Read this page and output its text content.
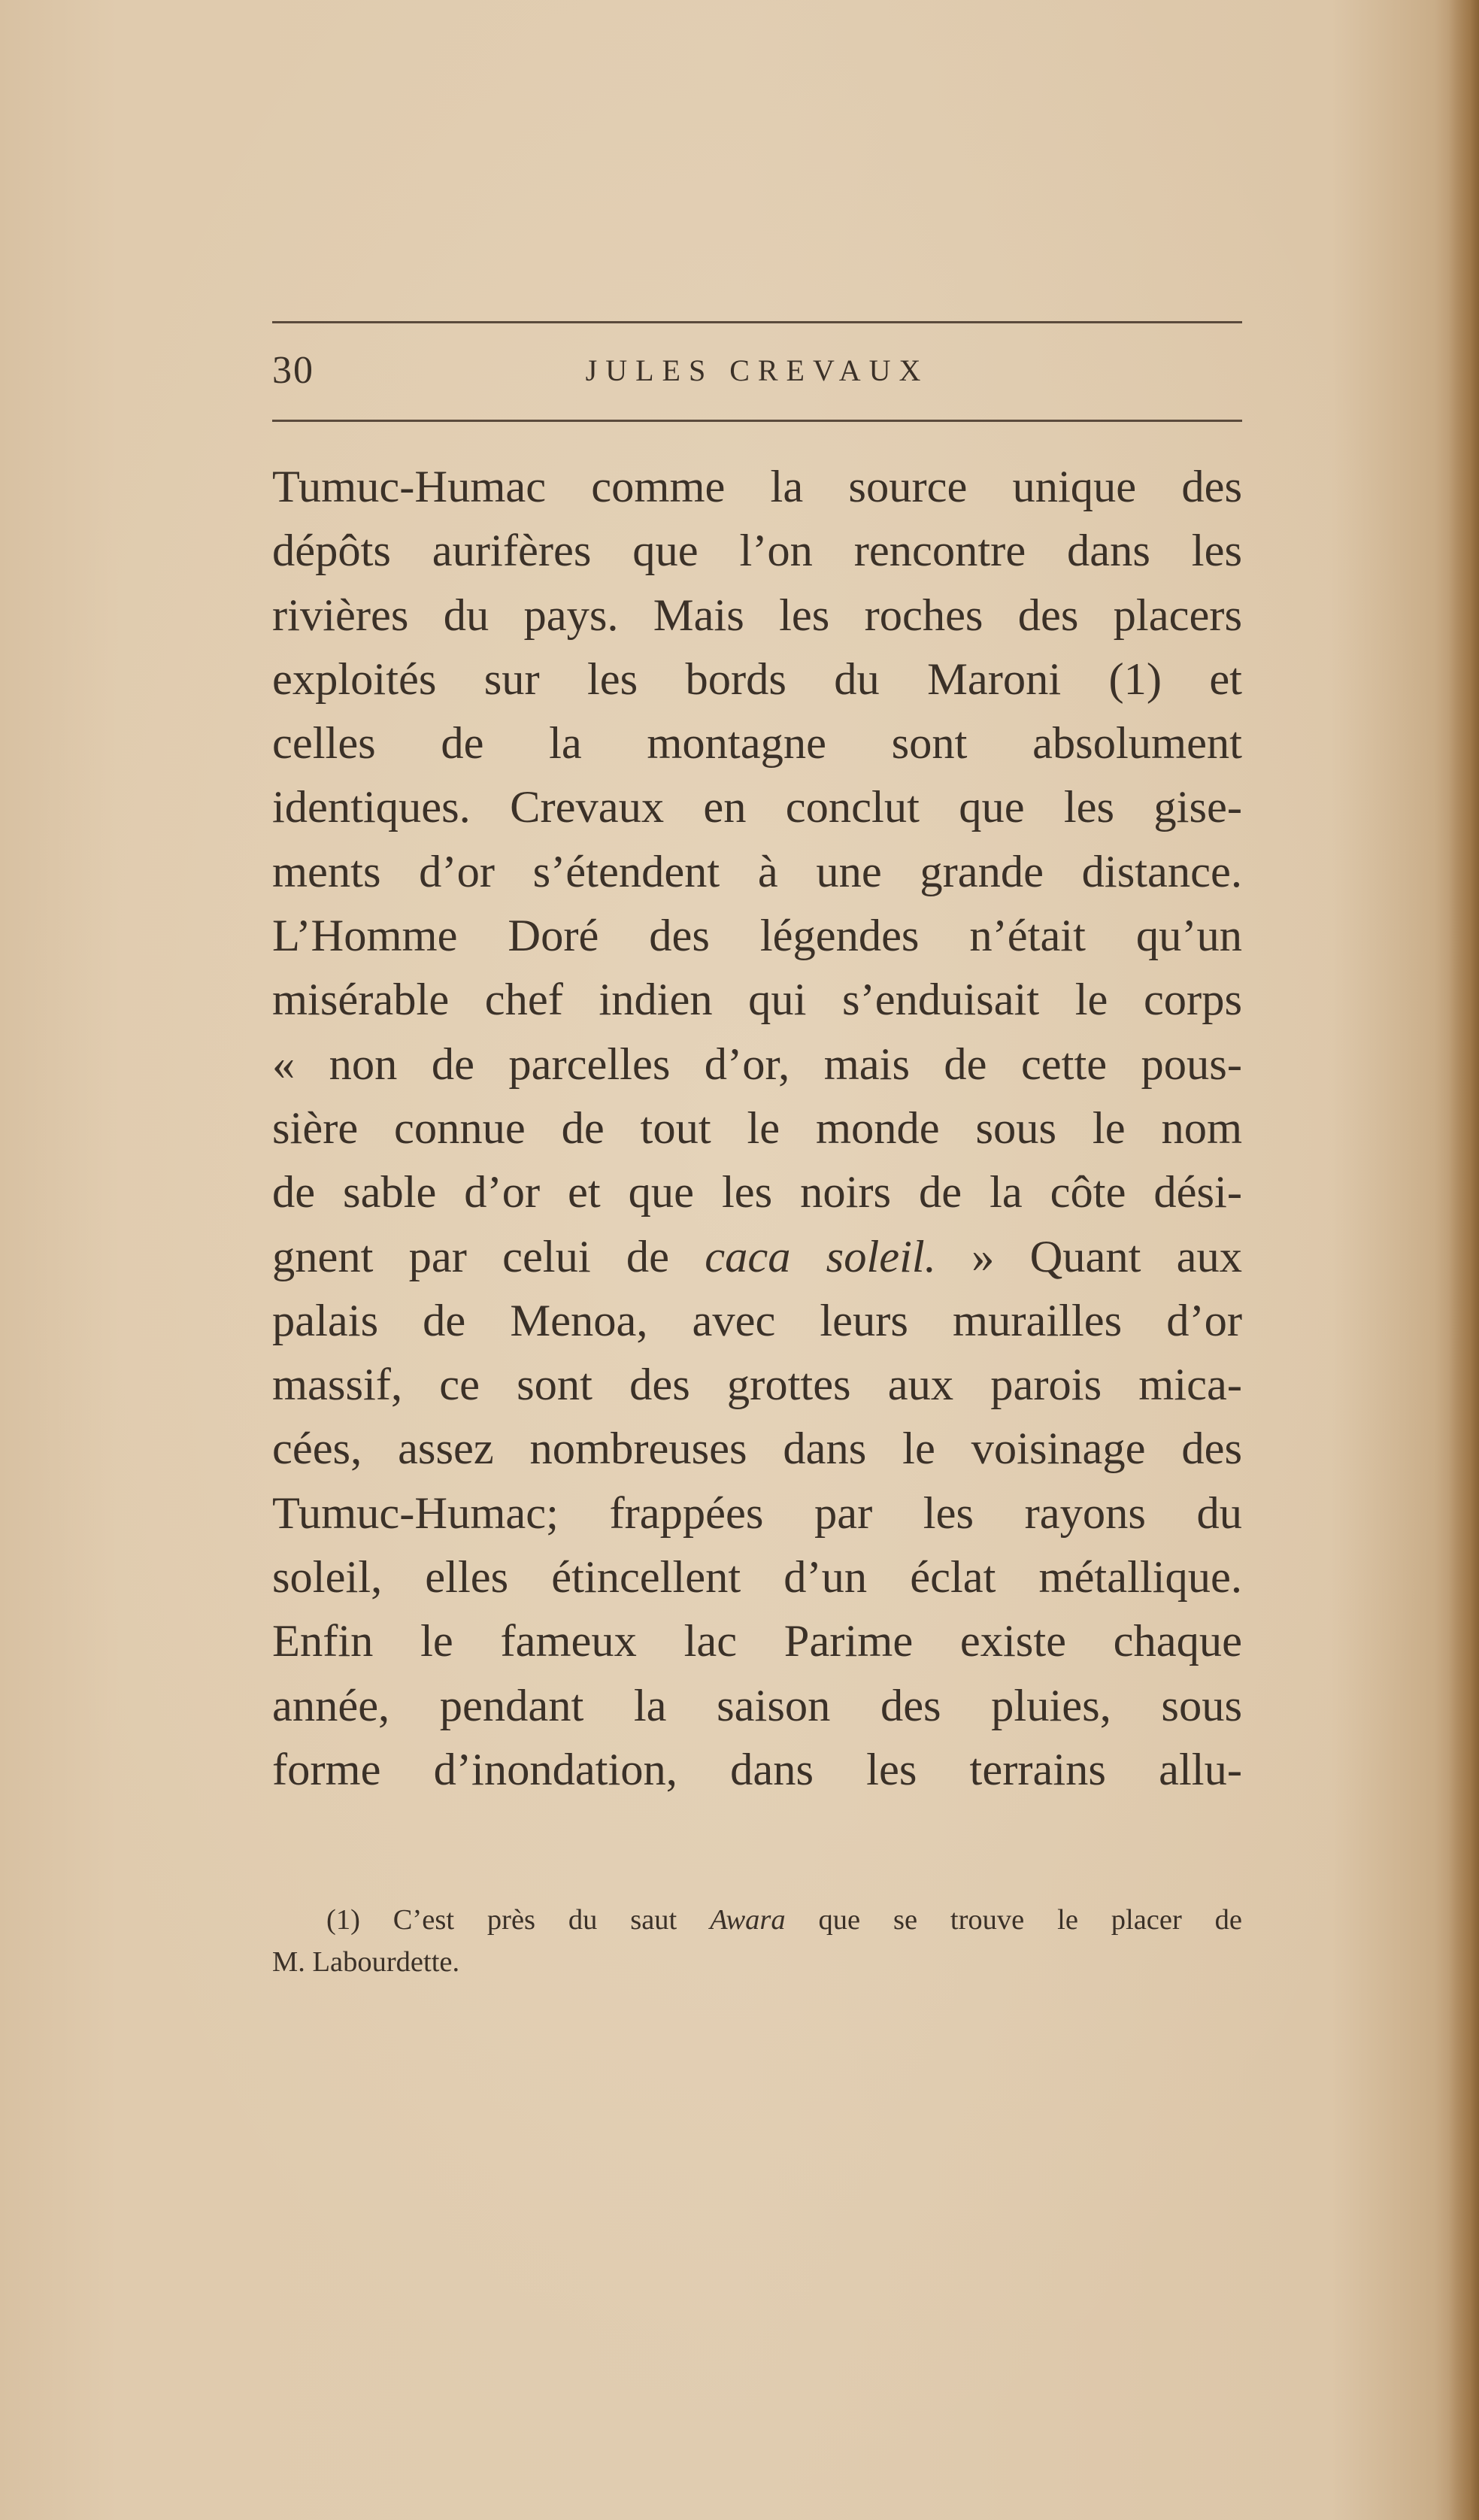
30	JULES CREVAUX
Tumuc-Humac comme la source unique des
dépôts aurifères que l’on rencontre dans les
rivières du pays. Mais les roches des placers
exploités sur les bords du Maroni (1) et
celles de la montagne sont absolument
identiques. Crevaux en conclut que les gise-
ments d’or s’étendent à une grande distance.
L’Homme Doré des légendes n’était qu’un
misérable chef indien qui s’enduisait le corps
« non de parcelles d’or, mais de cette pous-
sière connue de tout le monde sous le nom
de sable d’or et que les noirs de la côte dési-
gnent par celui de caca soleil. » Quant aux
palais de Menoa, avec leurs murailles d’or
massif, ce sont des grottes aux parois mica-
cées, assez nombreuses dans le voisinage des
Tumuc-Humac; frappées par les rayons du
soleil, elles étincellent d’un éclat métallique.
Enfin le fameux lac Parime existe chaque
année, pendant la saison des pluies, sous
forme d’inondation, dans les terrains allu-
(1) C’est près du saut Awara que se trouve le placer de
M. Labourdette.
